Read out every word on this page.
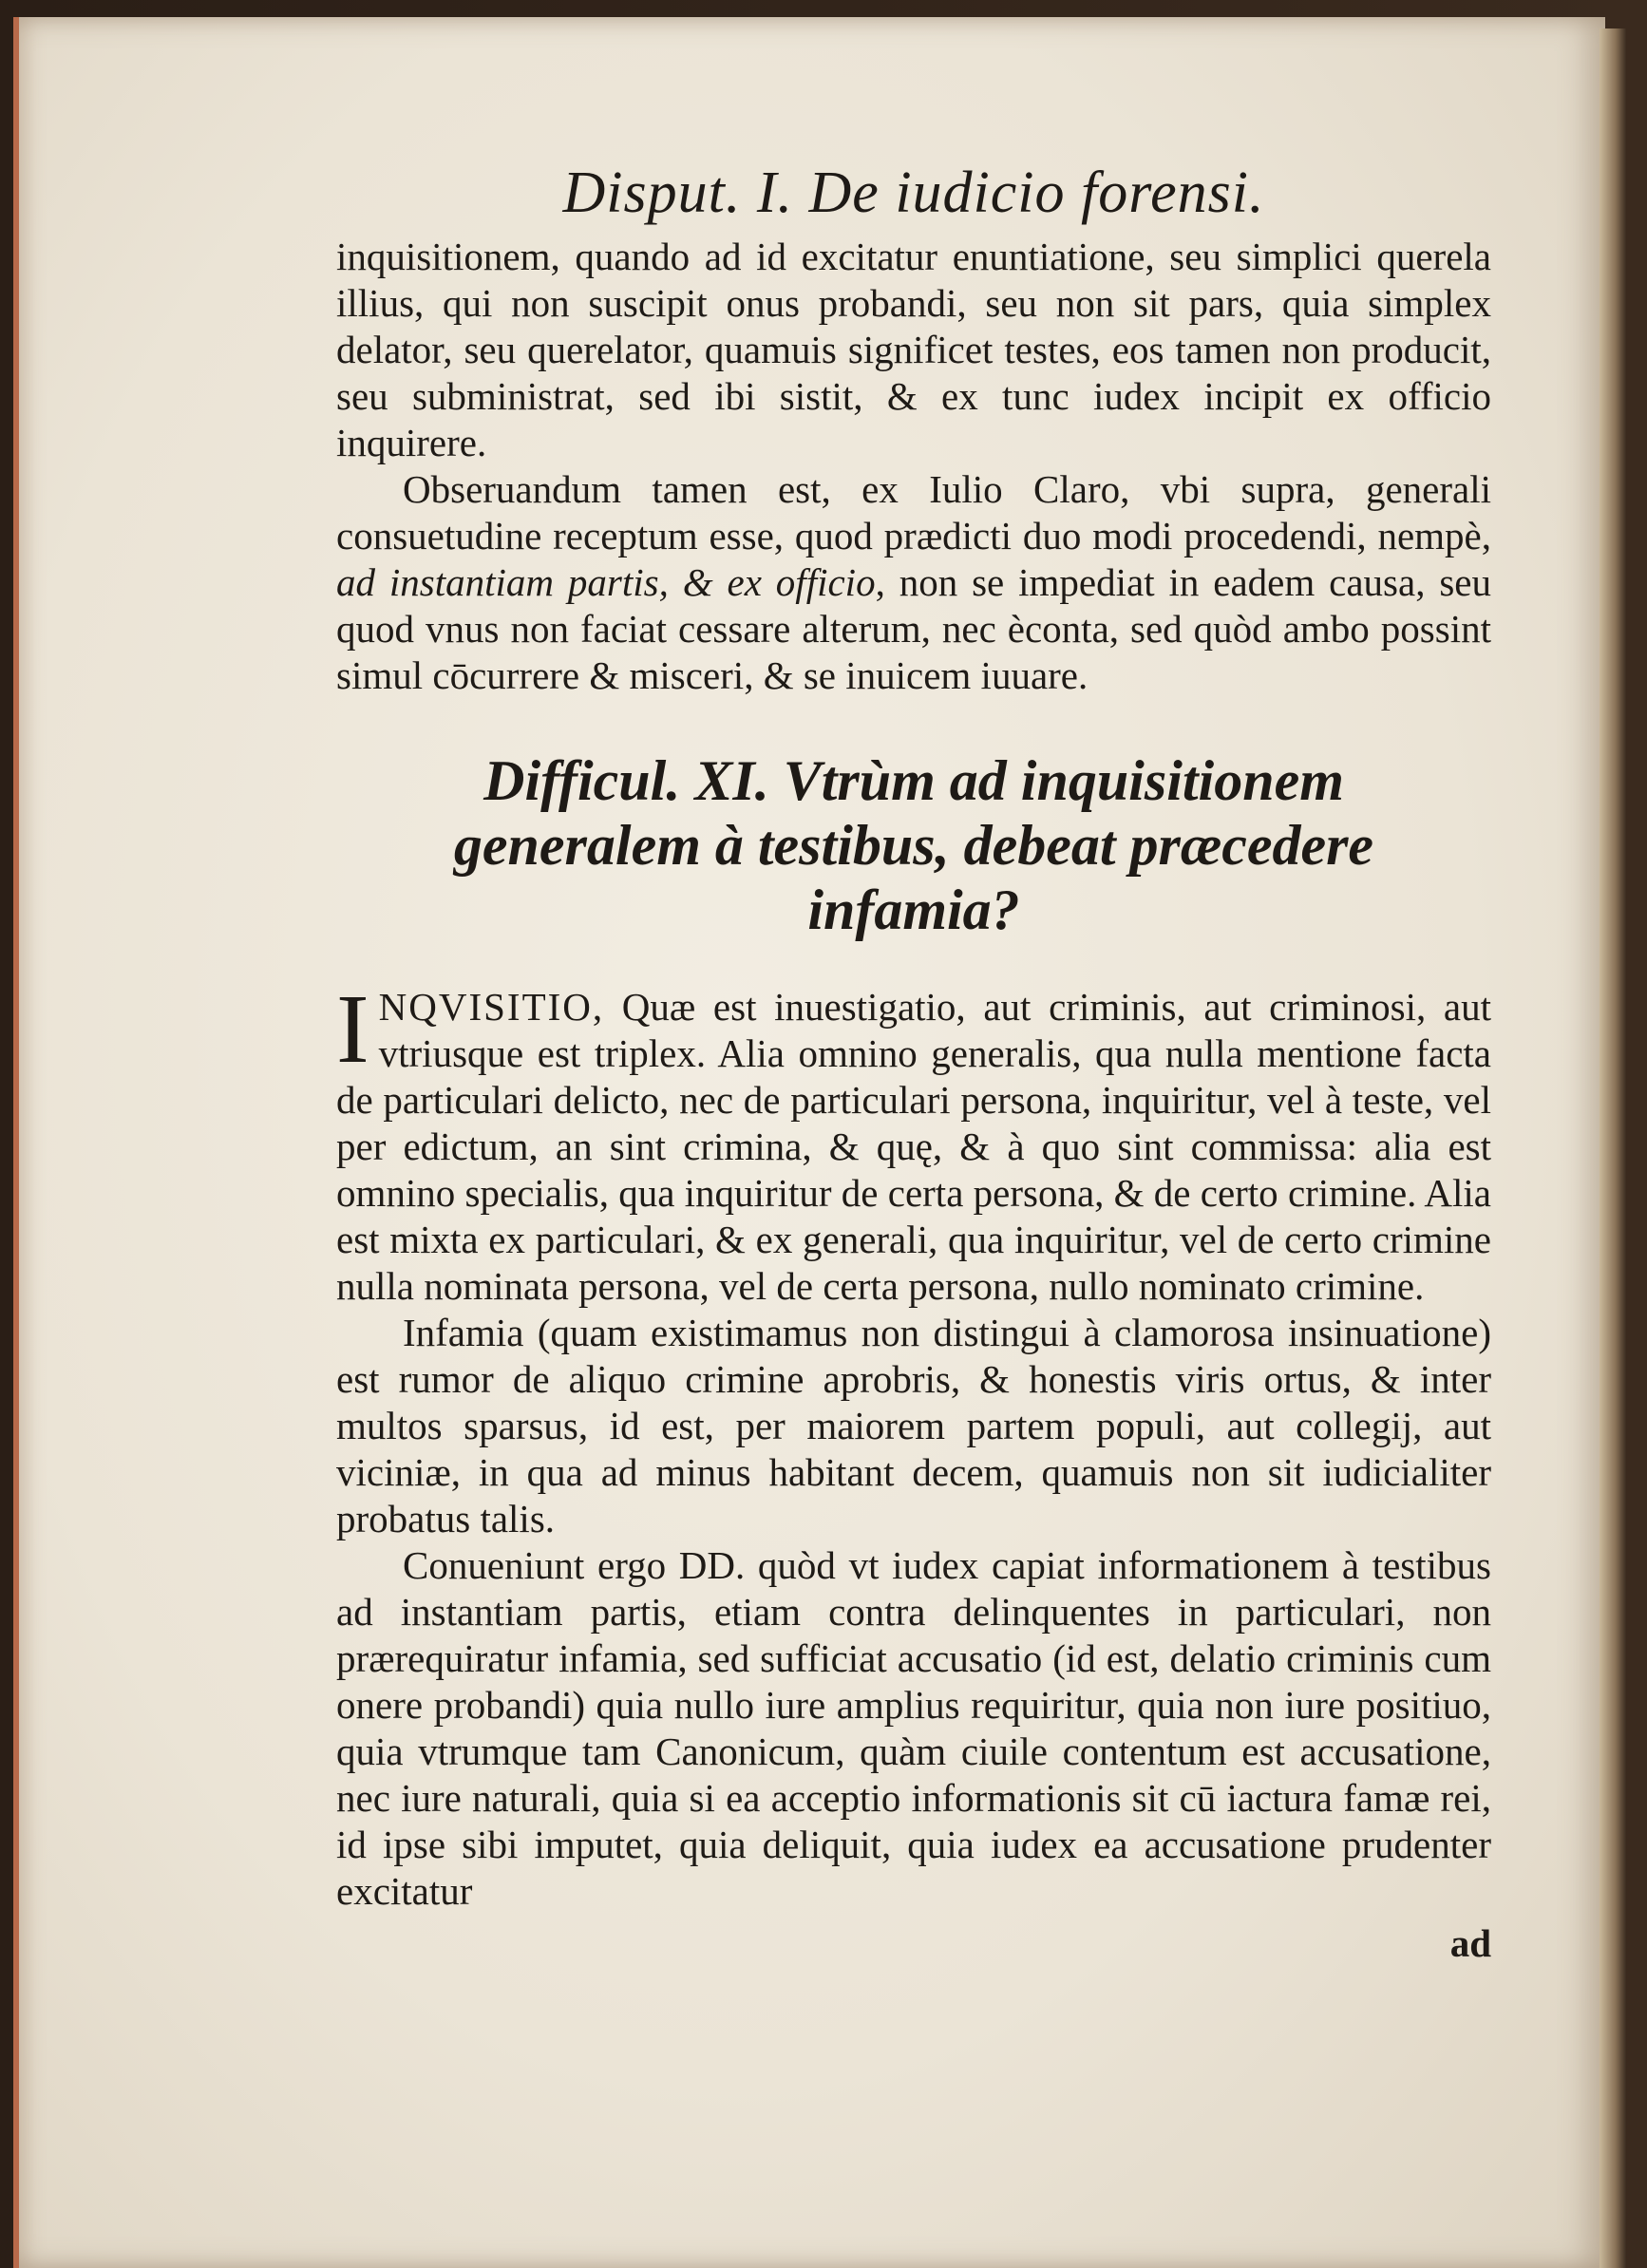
Disput. I. De iudicio forensi.

inquisitionem, quando ad id excitatur enuntiatione, seu simplici querela illius, qui non suscipit onus probandi, seu non sit pars, quia simplex delator, seu querelator, quamuis significet testes, eos tamen non producit, seu subministrat, sed ibi sistit, & ex tunc iudex incipit ex officio inquirere.

Obseruandum tamen est, ex Iulio Claro, vbi supra, generali consuetudine receptum esse, quod prædicti duo modi procedendi, nempè, ad instantiam partis, & ex officio, non se impediat in eadem causa, seu quod vnus non faciat cessare alterum, nec èconta, sed quòd ambo possint simul cōcurrere & misceri, & se inuicem iuuare.

Difficul. XI. Vtrùm ad inquisitionem generalem à testibus, debeat præcedere infamia?

INQVISITIO, Quæ est inuestigatio, aut criminis, aut criminosi, aut vtriusque est triplex. Alia omnino generalis, qua nulla mentione facta de particulari delicto, nec de particulari persona, inquiritur, vel à teste, vel per edictum, an sint crimina, & quę, & à quo sint commissa: alia est omnino specialis, qua inquiritur de certa persona, & de certo crimine. Alia est mixta ex particulari, & ex generali, qua inquiritur, vel de certo crimine nulla nominata persona, vel de certa persona, nullo nominato crimine.

Infamia (quam existimamus non distingui à clamorosa insinuatione) est rumor de aliquo crimine aprobris, & honestis viris ortus, & inter multos sparsus, id est, per maiorem partem populi, aut collegij, aut viciniæ, in qua ad minus habitant decem, quamuis non sit iudicialiter probatus talis.

Conueniunt ergo DD. quòd vt iudex capiat informationem à testibus ad instantiam partis, etiam contra delinquentes in particulari, non prærequiratur infamia, sed sufficiat accusatio (id est, delatio criminis cum onere probandi) quia nullo iure amplius requiritur, quia non iure positiuo, quia vtrumque tam Canonicum, quàm ciuile contentum est accusatione, nec iure naturali, quia si ea acceptio informationis sit cū iactura famæ rei, id ipse sibi imputet, quia deliquit, quia iudex ea accusatione prudenter excitatur

ad
